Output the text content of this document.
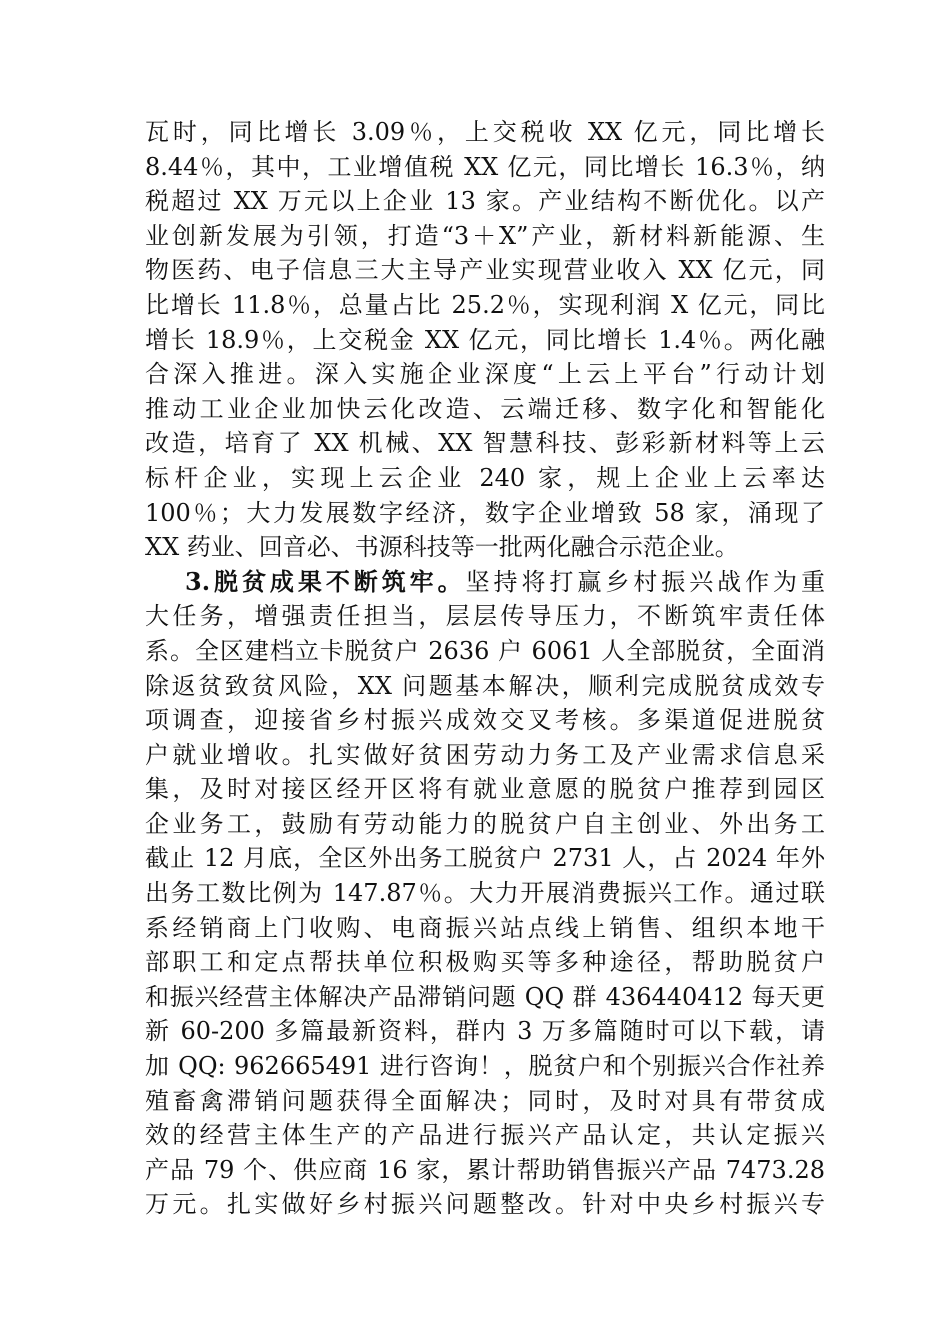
瓦时，同比增长 3.09％，上交税收 XX 亿元，同比增长
8.44％，其中，工业增值税 XX 亿元，同比增长 16.3％，纳
税超过 XX 万元以上企业 13 家。产业结构不断优化。以产
业创新发展为引领，打造“3＋X”产业，新材料新能源、生
物医药、电子信息三大主导产业实现营业收入 XX 亿元，同
比增长 11.8％，总量占比 25.2％，实现利润 X 亿元，同比
增长 18.9％，上交税金 XX 亿元，同比增长 1.4％。两化融
合深入推进。深入实施企业深度“上云上平台”行动计划
推动工业企业加快云化改造、云端迁移、数字化和智能化
改造，培育了 XX 机械、XX 智慧科技、彭彩新材料等上云
标杆企业，实现上云企业 240 家，规上企业上云率达
100％；大力发展数字经济，数字企业增致 58 家，涌现了
XX 药业、回音必、书源科技等一批两化融合示范企业。
3.脱贫成果不断筑牢。坚持将打赢乡村振兴战作为重
大任务，增强责任担当，层层传导压力，不断筑牢责任体
系。全区建档立卡脱贫户 2636 户 6061 人全部脱贫，全面消
除返贫致贫风险，XX 问题基本解决，顺利完成脱贫成效专
项调查，迎接省乡村振兴成效交叉考核。多渠道促进脱贫
户就业增收。扎实做好贫困劳动力务工及产业需求信息采
集，及时对接区经开区将有就业意愿的脱贫户推荐到园区
企业务工，鼓励有劳动能力的脱贫户自主创业、外出务工
截止 12 月底，全区外出务工脱贫户 2731 人，占 2024 年外
出务工数比例为 147.87％。大力开展消费振兴工作。通过联
系经销商上门收购、电商振兴站点线上销售、组织本地干
部职工和定点帮扶单位积极购买等多种途径，帮助脱贫户
和振兴经营主体解决产品滞销问题 QQ 群 436440412 每天更
新 60-200 多篇最新资料，群内 3 万多篇随时可以下载，请
加 QQ: 962665491 进行咨询！，脱贫户和个别振兴合作社养
殖畜禽滞销问题获得全面解决；同时，及时对具有带贫成
效的经营主体生产的产品进行振兴产品认定，共认定振兴
产品 79 个、供应商 16 家，累计帮助销售振兴产品 7473.28
万元。扎实做好乡村振兴问题整改。针对中央乡村振兴专
